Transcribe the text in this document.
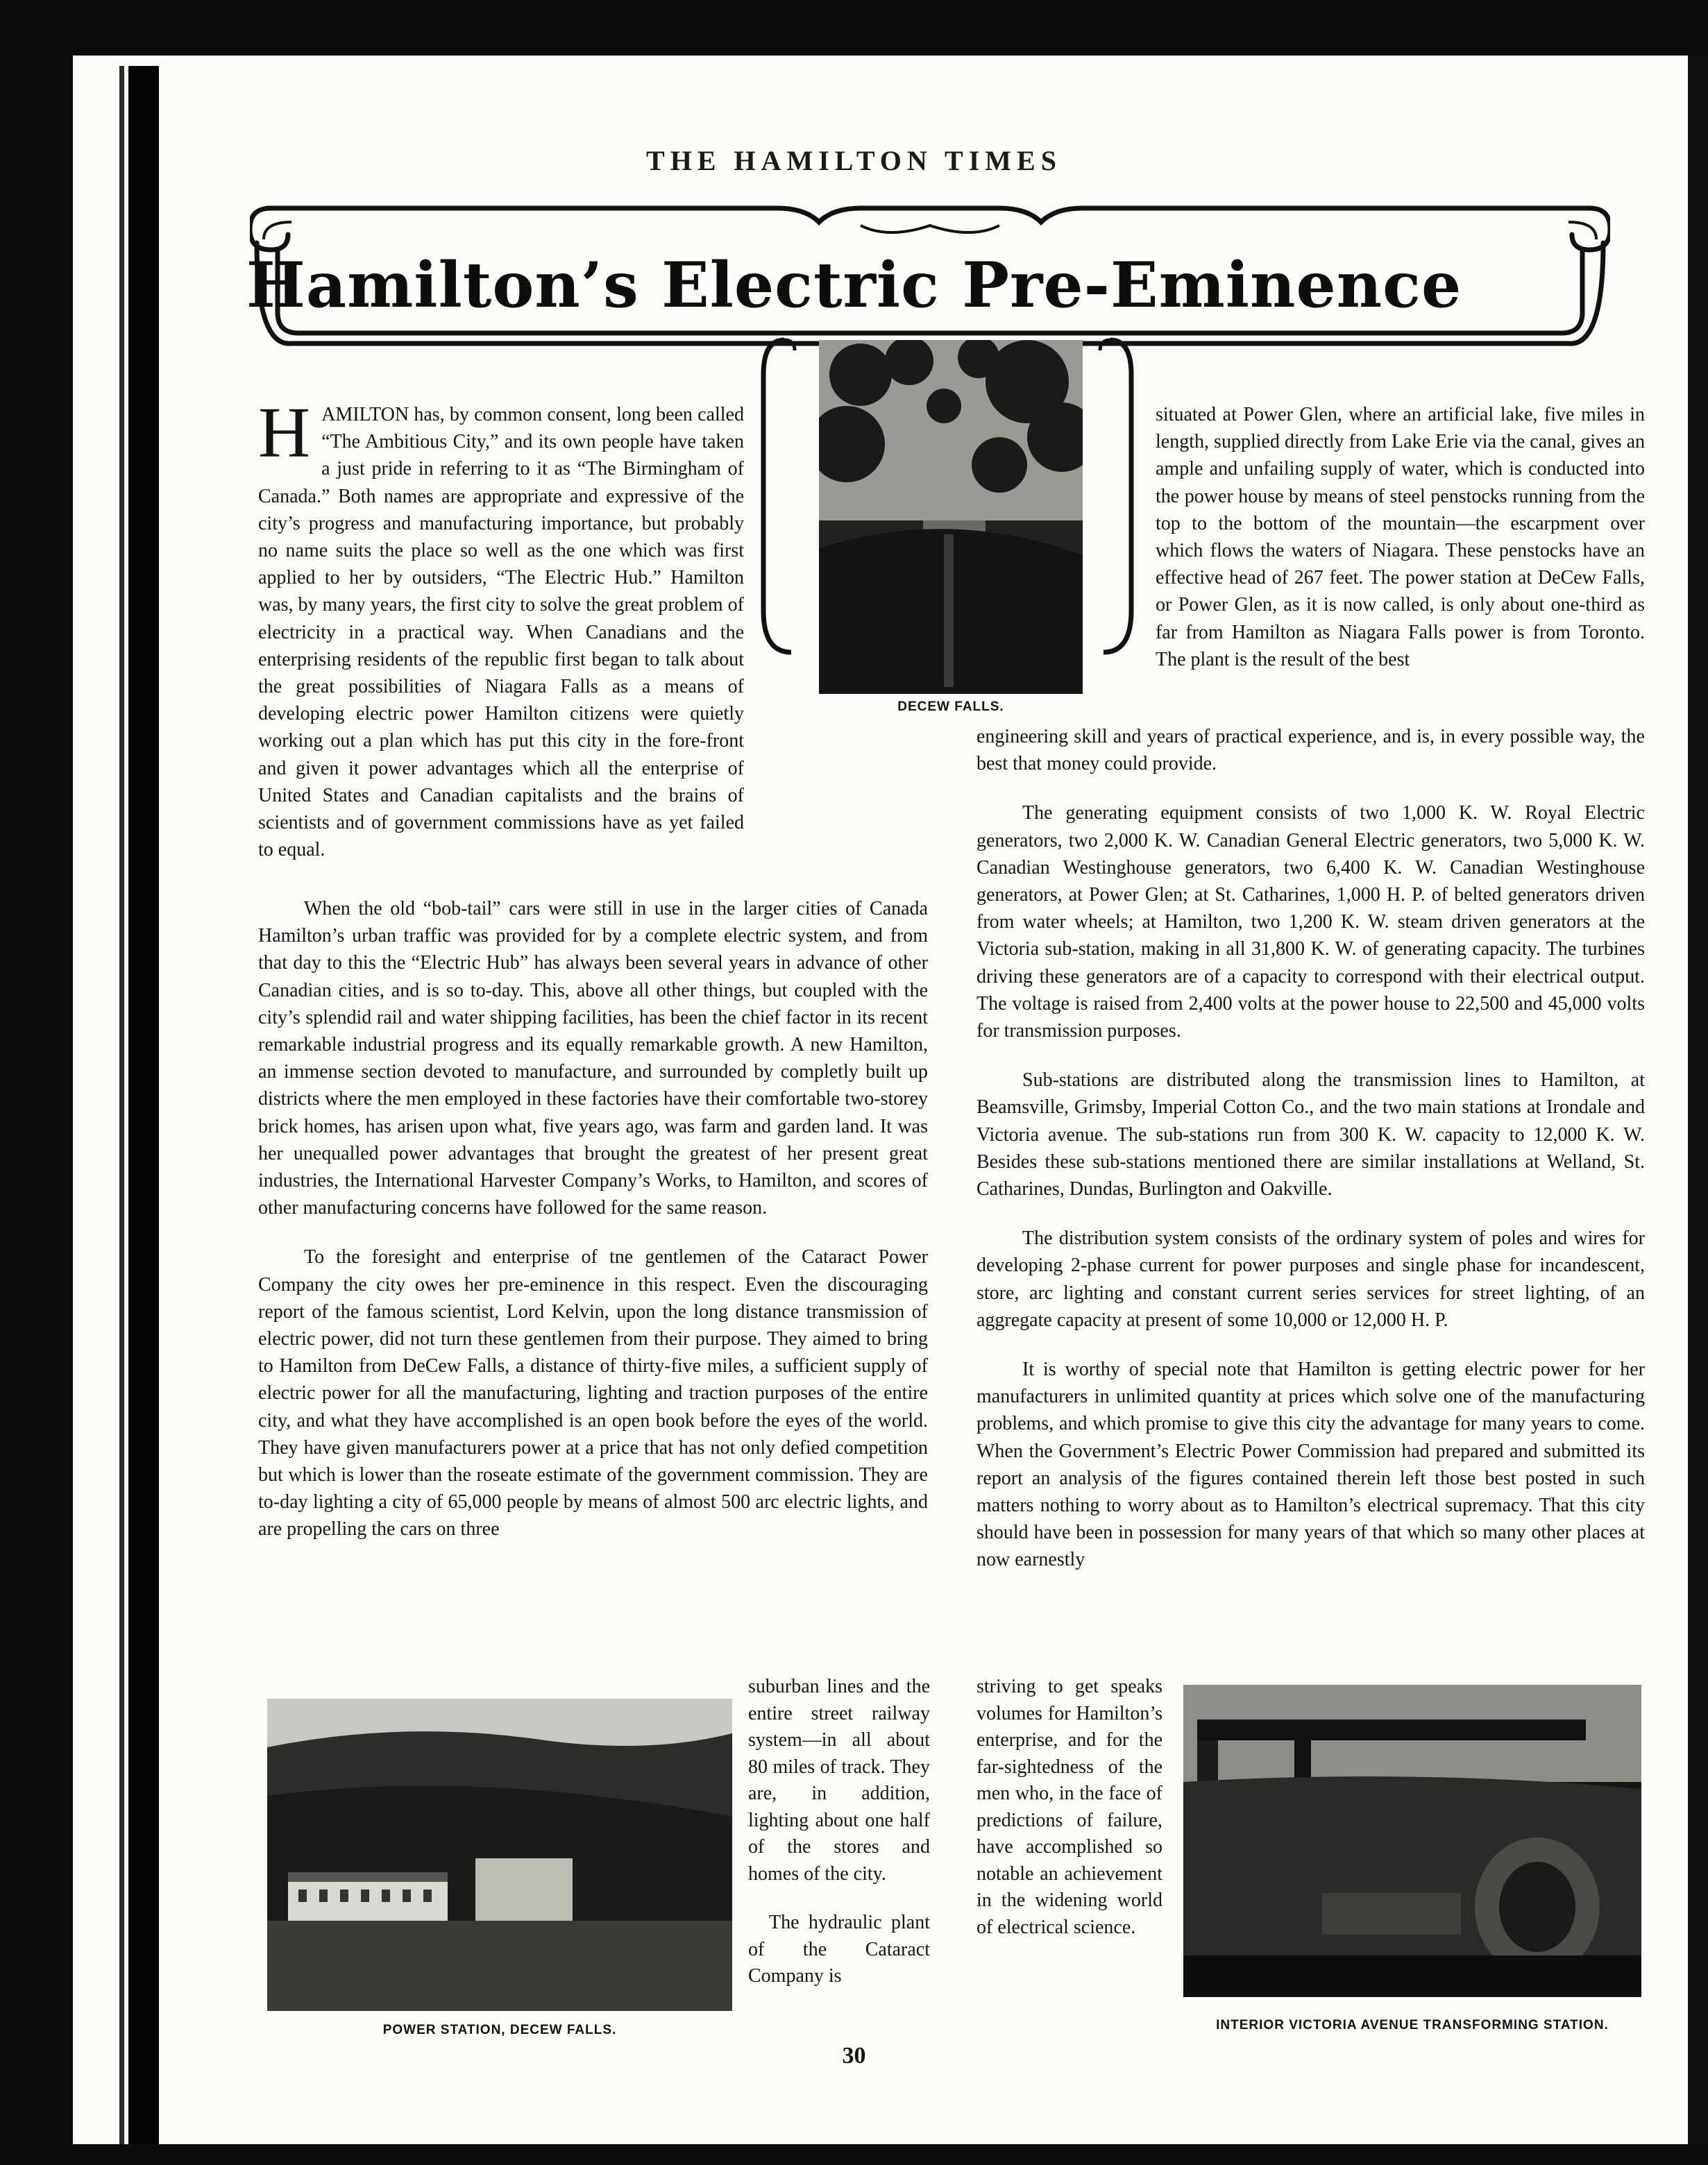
THE HAMILTON TIMES
Hamilton’s Electric Pre-Eminence
DECEW FALLS.

HAMILTON has, by common consent, long been called “The Ambitious City,” and its own people have taken a just pride in referring to it as “The Birmingham of Canada.” Both names are appropriate and expressive of the city’s progress and manufacturing importance, but probably no name suits the place so well as the one which was first applied to her by outsiders, “The Electric Hub.” Hamilton was, by many years, the first city to solve the great problem of electricity in a practical way. When Canadians and the enterprising residents of the republic first began to talk about the great possibilities of Niagara Falls as a means of developing electric power Hamilton citizens were quietly working out a plan which has put this city in the fore-front and given it power advantages which all the enterprise of United States and Canadian capitalists and the brains of scientists and of government commissions have as yet failed to equal.

situated at Power Glen, where an artificial lake, five miles in length, supplied directly from Lake Erie via the canal, gives an ample and unfailing supply of water, which is conducted into the power house by means of steel penstocks running from the top to the bottom of the mountain—the escarpment over which flows the waters of Niagara. These penstocks have an effective head of 267 feet. The power station at DeCew Falls, or Power Glen, as it is now called, is only about one-third as far from Hamilton as Niagara Falls power is from Toronto. The plant is the result of the best

When the old “bob-tail” cars were still in use in the larger cities of Canada Hamilton’s urban traffic was provided for by a complete electric system, and from that day to this the “Electric Hub” has always been several years in advance of other Canadian cities, and is so to-day. This, above all other things, but coupled with the city’s splendid rail and water shipping facilities, has been the chief factor in its recent remarkable industrial progress and its equally remarkable growth. A new Hamilton, an immense section devoted to manufacture, and surrounded by completly built up districts where the men employed in these factories have their comfortable two-storey brick homes, has arisen upon what, five years ago, was farm and garden land. It was her unequalled power advantages that brought the greatest of her present great industries, the International Harvester Company’s Works, to Hamilton, and scores of other manufacturing concerns have followed for the same reason.

To the foresight and enterprise of tne gentlemen of the Cataract Power Company the city owes her pre-eminence in this respect. Even the discouraging report of the famous scientist, Lord Kelvin, upon the long distance transmission of electric power, did not turn these gentlemen from their purpose. They aimed to bring to Hamilton from DeCew Falls, a distance of thirty-five miles, a sufficient supply of electric power for all the manufacturing, lighting and traction purposes of the entire city, and what they have accomplished is an open book before the eyes of the world. They have given manufacturers power at a price that has not only defied competition but which is lower than the roseate estimate of the government commission. They are to-day lighting a city of 65,000 people by means of almost 500 arc electric lights, and are propelling the cars on three

engineering skill and years of practical experience, and is, in every possible way, the best that money could provide.

The generating equipment consists of two 1,000 K. W. Royal Electric generators, two 2,000 K. W. Canadian General Electric generators, two 5,000 K. W. Canadian Westinghouse generators, two 6,400 K. W. Canadian Westinghouse generators, at Power Glen; at St. Catharines, 1,000 H. P. of belted generators driven from water wheels; at Hamilton, two 1,200 K. W. steam driven generators at the Victoria sub-station, making in all 31,800 K. W. of generating capacity. The turbines driving these generators are of a capacity to correspond with their electrical output. The voltage is raised from 2,400 volts at the power house to 22,500 and 45,000 volts for transmission purposes.

Sub-stations are distributed along the transmission lines to Hamilton, at Beamsville, Grimsby, Imperial Cotton Co., and the two main stations at Irondale and Victoria avenue. The sub-stations run from 300 K. W. capacity to 12,000 K. W. Besides these sub-stations mentioned there are similar installations at Welland, St. Catharines, Dundas, Burlington and Oakville.

The distribution system consists of the ordinary system of poles and wires for developing 2-phase current for power purposes and single phase for incandescent, store, arc lighting and constant current series services for street lighting, of an aggregate capacity at present of some 10,000 or 12,000 H. P.

It is worthy of special note that Hamilton is getting electric power for her manufacturers in unlimited quantity at prices which solve one of the manufacturing problems, and which promise to give this city the advantage for many years to come. When the Government’s Electric Power Commission had prepared and submitted its report an analysis of the figures contained therein left those best posted in such matters nothing to worry about as to Hamilton’s electrical supremacy. That this city should have been in possession for many years of that which so many other places at now earnestly

POWER STATION, DECEW FALLS.

suburban lines and the entire street railway system—in all about 80 miles of track. They are, in addition, lighting about one half of the stores and homes of the city.

The hydraulic plant of the Cataract Company is

striving to get speaks volumes for Hamilton’s enterprise, and for the far-sightedness of the men who, in the face of predictions of failure, have accomplished so notable an achievement in the widening world of electrical science.

INTERIOR VICTORIA AVENUE TRANSFORMING STATION.
30
